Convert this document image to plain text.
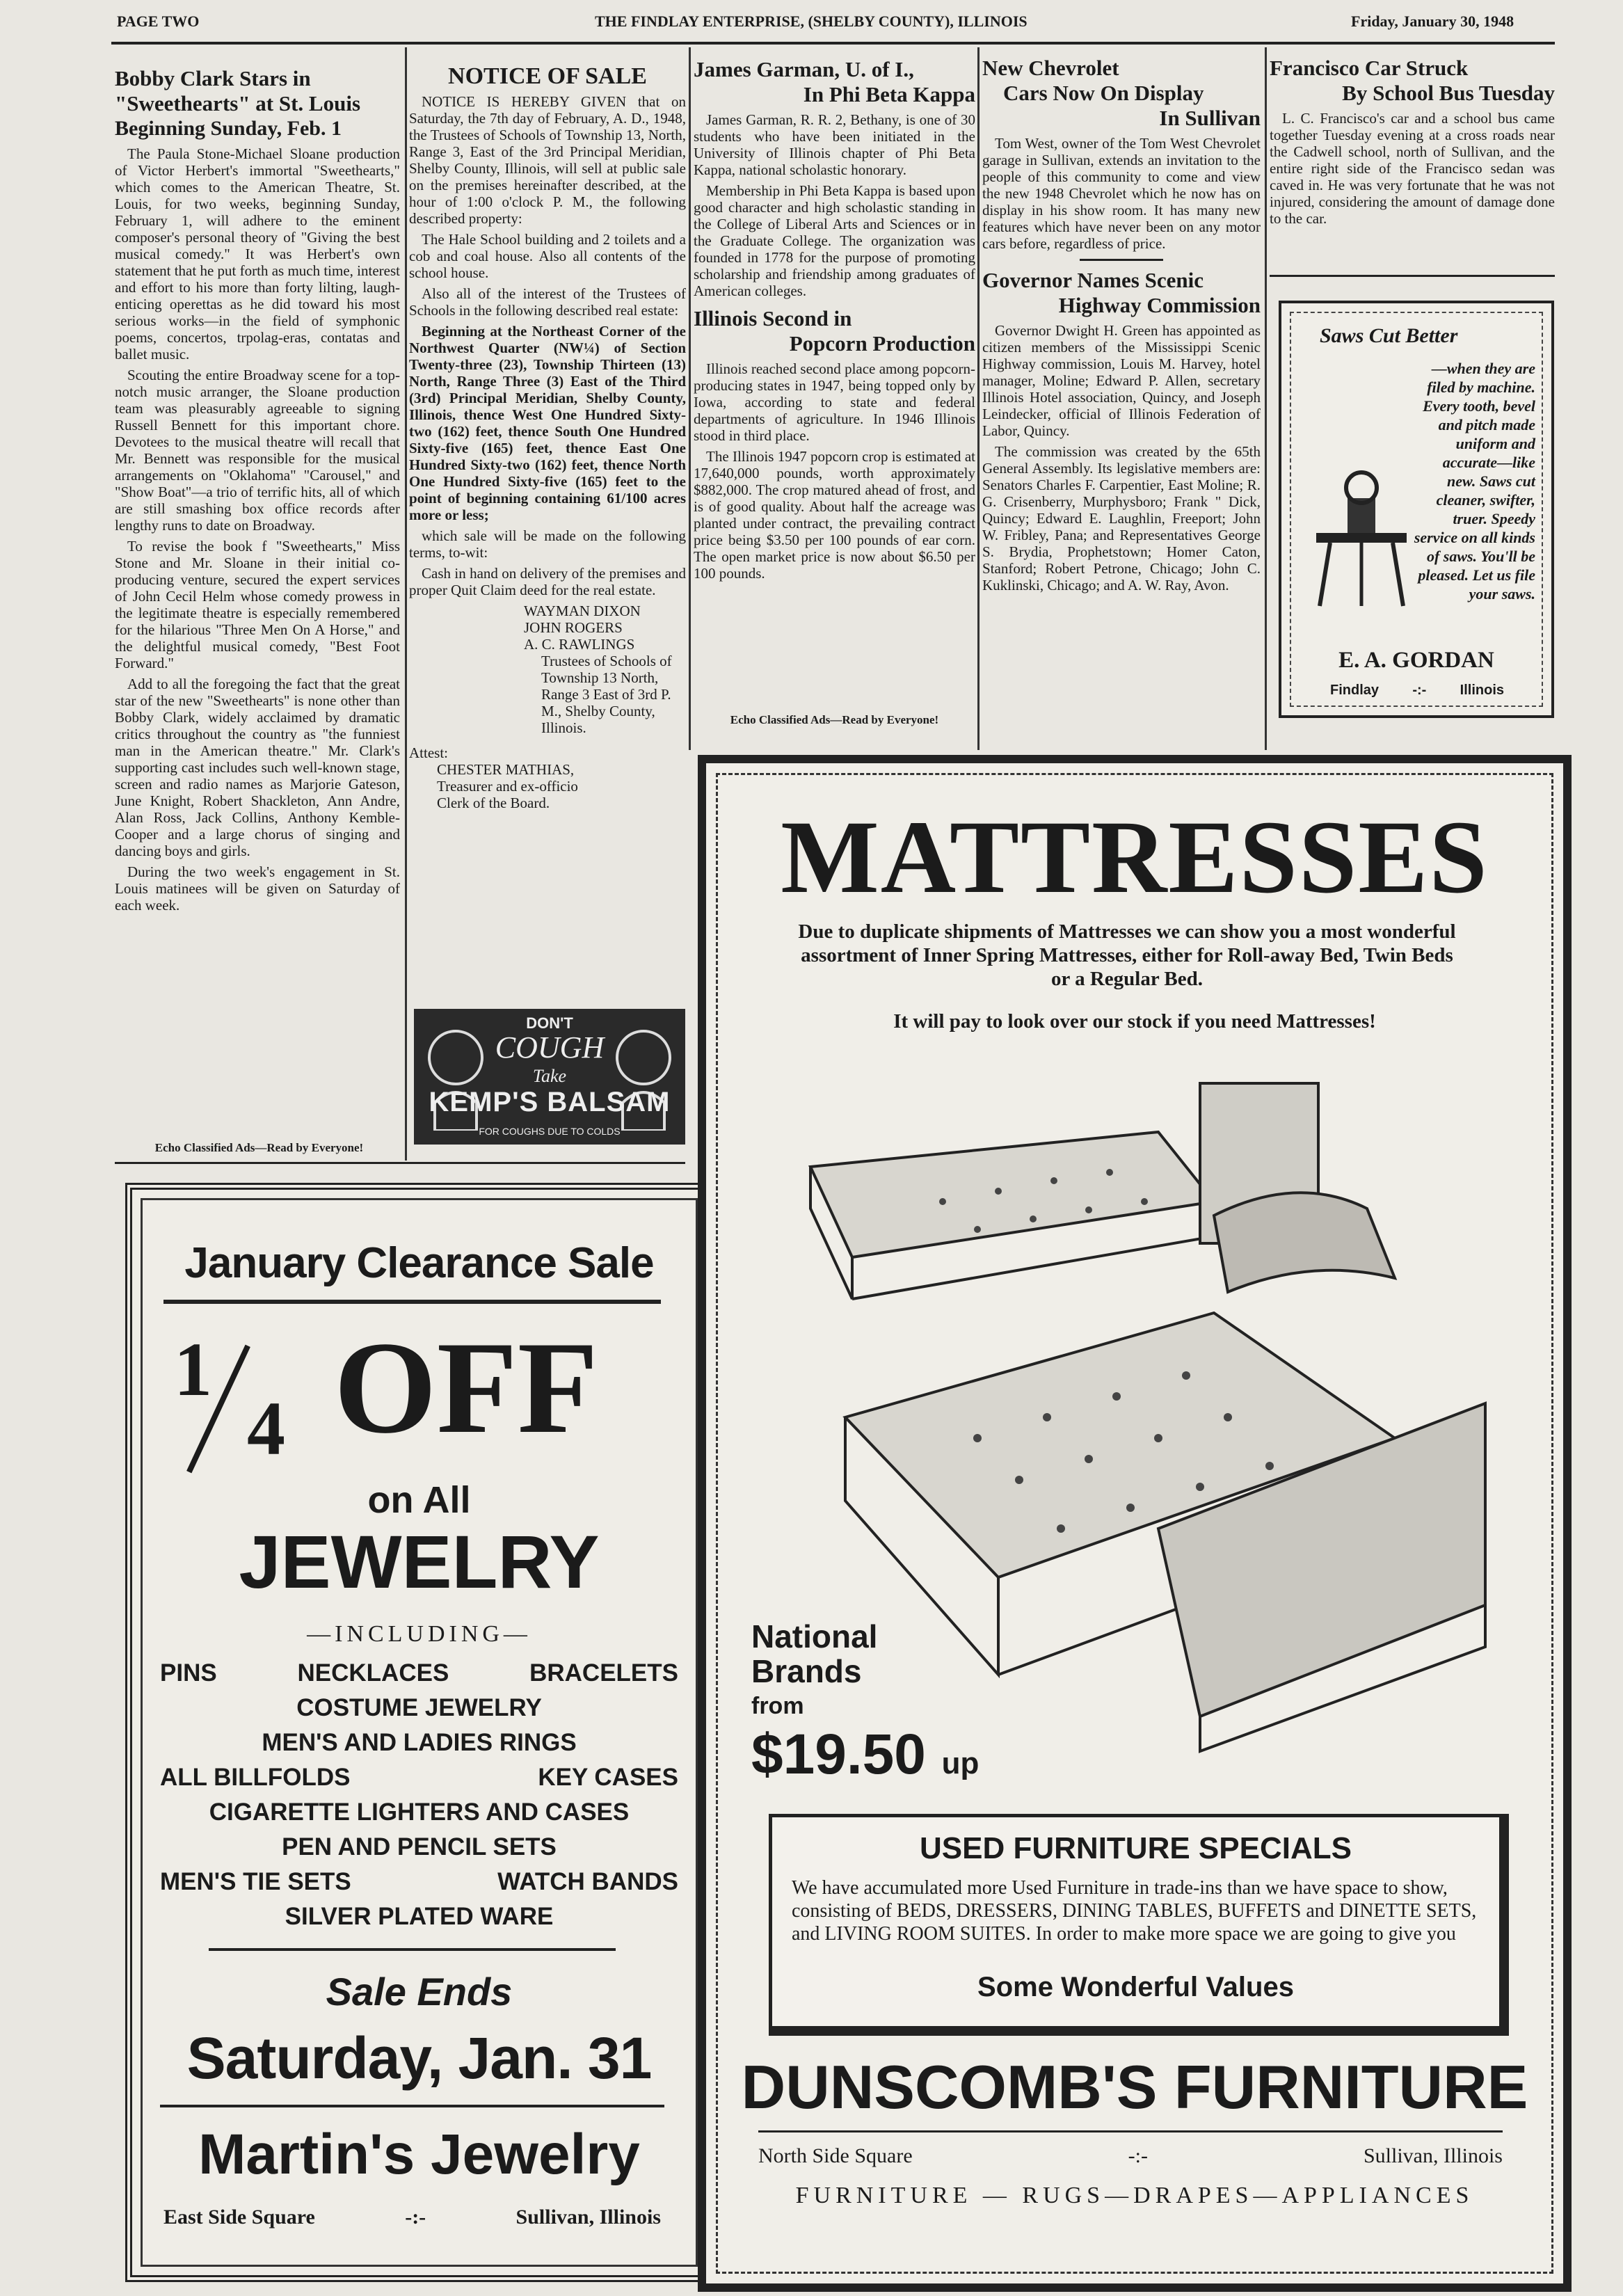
PAGE TWO	THE FINDLAY ENTERPRISE, (SHELBY COUNTY), ILLINOIS	Friday, January 30, 1948

Bobby Clark Stars in "Sweethearts" at St. Louis

Beginning Sunday, Feb. 1

The Paula Stone-Michael Sloane production of Victor Herbert's immortal "Sweethearts," which comes to the American Theatre, St. Louis, for two weeks, beginning Sunday, February 1, will adhere to the eminent composer's personal theory of "Giving the best musical comedy." It was Herbert's own statement that he put forth as much time, interest and effort to his more than forty lilting, laugh-enticing operettas as he did toward his most serious works—in the field of symphonic poems, concertos, trpolag-eras, contatas and ballet music.

Scouting the entire Broadway scene for a top-notch music arranger, the Sloane production team was pleasurably agreeable to signing Russell Bennett for this important chore. Devotees to the musical theatre will recall that Mr. Bennett was responsible for the musical arrangements on "Oklahoma" "Carousel," and "Show Boat"—a trio of terrific hits, all of which are still smashing box office records after lengthy runs to date on Broadway.

To revise the book f "Sweethearts," Miss Stone and Mr. Sloane in their initial co-producing venture, secured the expert services of John Cecil Helm whose comedy prowess in the legitimate theatre is especially remembered for the hilarious "Three Men On A Horse," and the delightful musical comedy, "Best Foot Forward."

Add to all the foregoing the fact that the great star of the new "Sweethearts" is none other than Bobby Clark, widely acclaimed by dramatic critics throughout the country as "the funniest man in the American theatre." Mr. Clark's supporting cast includes such well-known stage, screen and radio names as Marjorie Gateson, June Knight, Robert Shackleton, Ann Andre, Alan Ross, Jack Collins, Anthony Kemble-Cooper and a large chorus of singing and dancing boys and girls.

During the two week's engagement in St. Louis matinees will be given on Saturday of each week.

Echo Classified Ads—Read by Everyone!

NOTICE OF SALE

NOTICE IS HEREBY GIVEN that on Saturday, the 7th day of February, A. D., 1948, the Trustees of Schools of Township 13, North, Range 3, East of the 3rd Principal Meridian, Shelby County, Illinois, will sell at public sale on the premises hereinafter described, at the hour of 1:00 o'clock P. M., the following described property:

The Hale School building and 2 toilets and a cob and coal house. Also all contents of the school house.

Also all of the interest of the Trustees of Schools in the following described real estate:

Beginning at the Northeast Corner of the Northwest Quarter (NW¼) of Section Twenty-three (23), Township Thirteen (13) North, Range Three (3) East of the Third (3rd) Principal Meridian, Shelby County, Illinois, thence West One Hundred Sixty-two (162) feet, thence South One Hundred Sixty-five (165) feet, thence East One Hundred Sixty-two (162) feet, thence North One Hundred Sixty-five (165) feet to the point of beginning containing 61/100 acres more or less;

which sale will be made on the following terms, to-wit:

Cash in hand on delivery of the premises and proper Quit Claim deed for the real estate.

WAYMAN DIXON
JOHN ROGERS
A. C. RAWLINGS
Trustees of Schools of Township 13 North, Range 3 East of 3rd P. M., Shelby County, Illinois.
Attest:
CHESTER MATHIAS,
Treasurer and ex-officio Clerk of the Board.
DON'T
COUGH
Take
KEMP'S BALSAM
FOR COUGHS DUE TO COLDS

James Garman, U. of I.,

In Phi Beta Kappa

James Garman, R. R. 2, Bethany, is one of 30 students who have been initiated in the University of Illinois chapter of Phi Beta Kappa, national scholastic honorary.

Membership in Phi Beta Kappa is based upon good character and high scholastic standing in the College of Liberal Arts and Sciences or in the Graduate College. The organization was founded in 1778 for the purpose of promoting scholarship and friendship among graduates of American colleges.

Illinois Second in

Popcorn Production

Illinois reached second place among popcorn-producing states in 1947, being topped only by Iowa, according to state and federal departments of agriculture. In 1946 Illinois stood in third place.

The Illinois 1947 popcorn crop is estimated at 17,640,000 pounds, worth approximately $882,000. The crop matured ahead of frost, and is of good quality. About half the acreage was planted under contract, the prevailing contract price being $3.50 per 100 pounds of ear corn. The open market price is now about $6.50 per 100 pounds.

Echo Classified Ads—Read by Everyone!

New Chevrolet

Cars Now On Display

In Sullivan

Tom West, owner of the Tom West Chevrolet garage in Sullivan, extends an invitation to the people of this community to come and view the new 1948 Chevrolet which he now has on display in his show room. It has many new features which have never been on any motor cars before, regardless of price.

Governor Names Scenic

Highway Commission

Governor Dwight H. Green has appointed as citizen members of the Mississippi Scenic Highway commission, Louis M. Harvey, hotel manager, Moline; Edward P. Allen, secretary Illinois Hotel association, Quincy, and Joseph Leindecker, official of Illinois Federation of Labor, Quincy.

The commission was created by the 65th General Assembly. Its legislative members are: Senators Charles F. Carpentier, East Moline; R. G. Crisenberry, Murphysboro; Frank " Dick, Quincy; Edward E. Laughlin, Freeport; John W. Fribley, Pana; and Representatives George S. Brydia, Prophetstown; Homer Caton, Stanford; Robert Petrone, Chicago; John C. Kuklinski, Chicago; and A. W. Ray, Avon.

Francisco Car Struck

By School Bus Tuesday

L. C. Francisco's car and a school bus came together Tuesday evening at a cross roads near the Cadwell school, north of Sullivan, and the entire right side of the Francisco sedan was caved in. He was very fortunate that he was not injured, considering the amount of damage done to the car.

Saws Cut Better
—when they are filed by machine. Every tooth, bevel and pitch made uniform and accurate—like new. Saws cut cleaner, swifter, truer. Speedy service on all kinds of saws. You'll be pleased. Let us file your saws.
E. A. GORDAN
Findlay -:- Illinois
January Clearance Sale
1
4 OFF
on All
JEWELRY
—INCLUDING—
PINS	NECKLACES	BRACELETS
COSTUME JEWELRY
MEN'S AND LADIES RINGS
ALL BILLFOLDS	KEY CASES
CIGARETTE LIGHTERS AND CASES
PEN AND PENCIL SETS
MEN'S TIE SETS	WATCH BANDS
SILVER PLATED WARE
Sale Ends
Saturday, Jan. 31
Martin's Jewelry
East Side Square	-:-	Sullivan, Illinois
MATTRESSES
Due to duplicate shipments of Mattresses we can show you a most wonderful assortment of Inner Spring Mattresses, either for Roll-away Bed, Twin Beds or a Regular Bed.
It will pay to look over our stock if you need Mattresses!
National
Brands
from
$19.50 up
USED FURNITURE SPECIALS
We have accumulated more Used Furniture in trade-ins than we have space to show, consisting of BEDS, DRESSERS, DINING TABLES, BUFFETS and DINETTE SETS, and LIVING ROOM SUITES. In order to make more space we are going to give you
Some Wonderful Values
DUNSCOMB'S FURNITURE
North Side Square	-:-	Sullivan, Illinois
FURNITURE — RUGS—DRAPES—APPLIANCES
